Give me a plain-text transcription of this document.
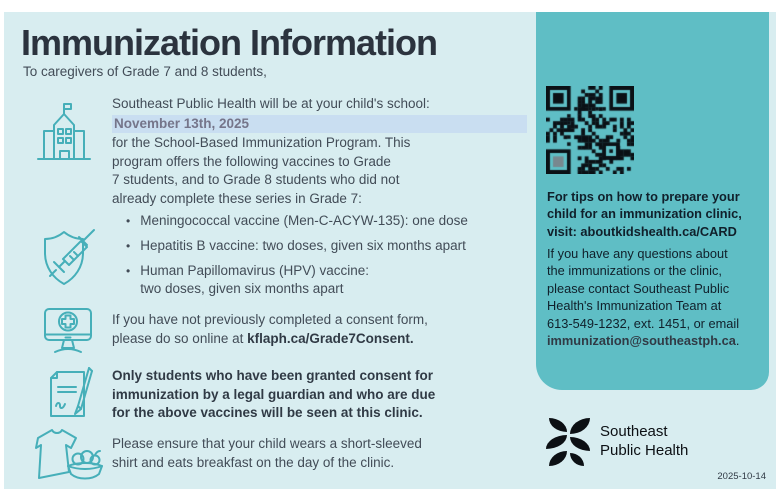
Immunization Information
To caregivers of Grade 7 and 8 students,
Southeast Public Health will be at your child's school:
November 13th, 2025
for the School-Based Immunization Program. This
program offers the following vaccines to Grade
7 students, and to Grade 8 students who did not
already complete these series in Grade 7:
• Meningococcal vaccine (Men-C-ACYW-135): one dose
• Hepatitis B vaccine: two doses, given six months apart
• Human Papillomavirus (HPV) vaccine:
two doses, given six months apart
If you have not previously completed a consent form,
please do so online at kflaph.ca/Grade7Consent.
Only students who have been granted consent for
immunization by a legal guardian and who are due
for the above vaccines will be seen at this clinic.
Please ensure that your child wears a short-sleeved
shirt and eats breakfast on the day of the clinic.
For tips on how to prepare your
child for an immunization clinic,
visit: aboutkidshealth.ca/CARD
If you have any questions about
the immunizations or the clinic,
please contact Southeast Public
Health's Immunization Team at
613-549-1232, ext. 1451, or email
immunization@southeastph.ca.
Southeast
Public Health
2025-10-14
